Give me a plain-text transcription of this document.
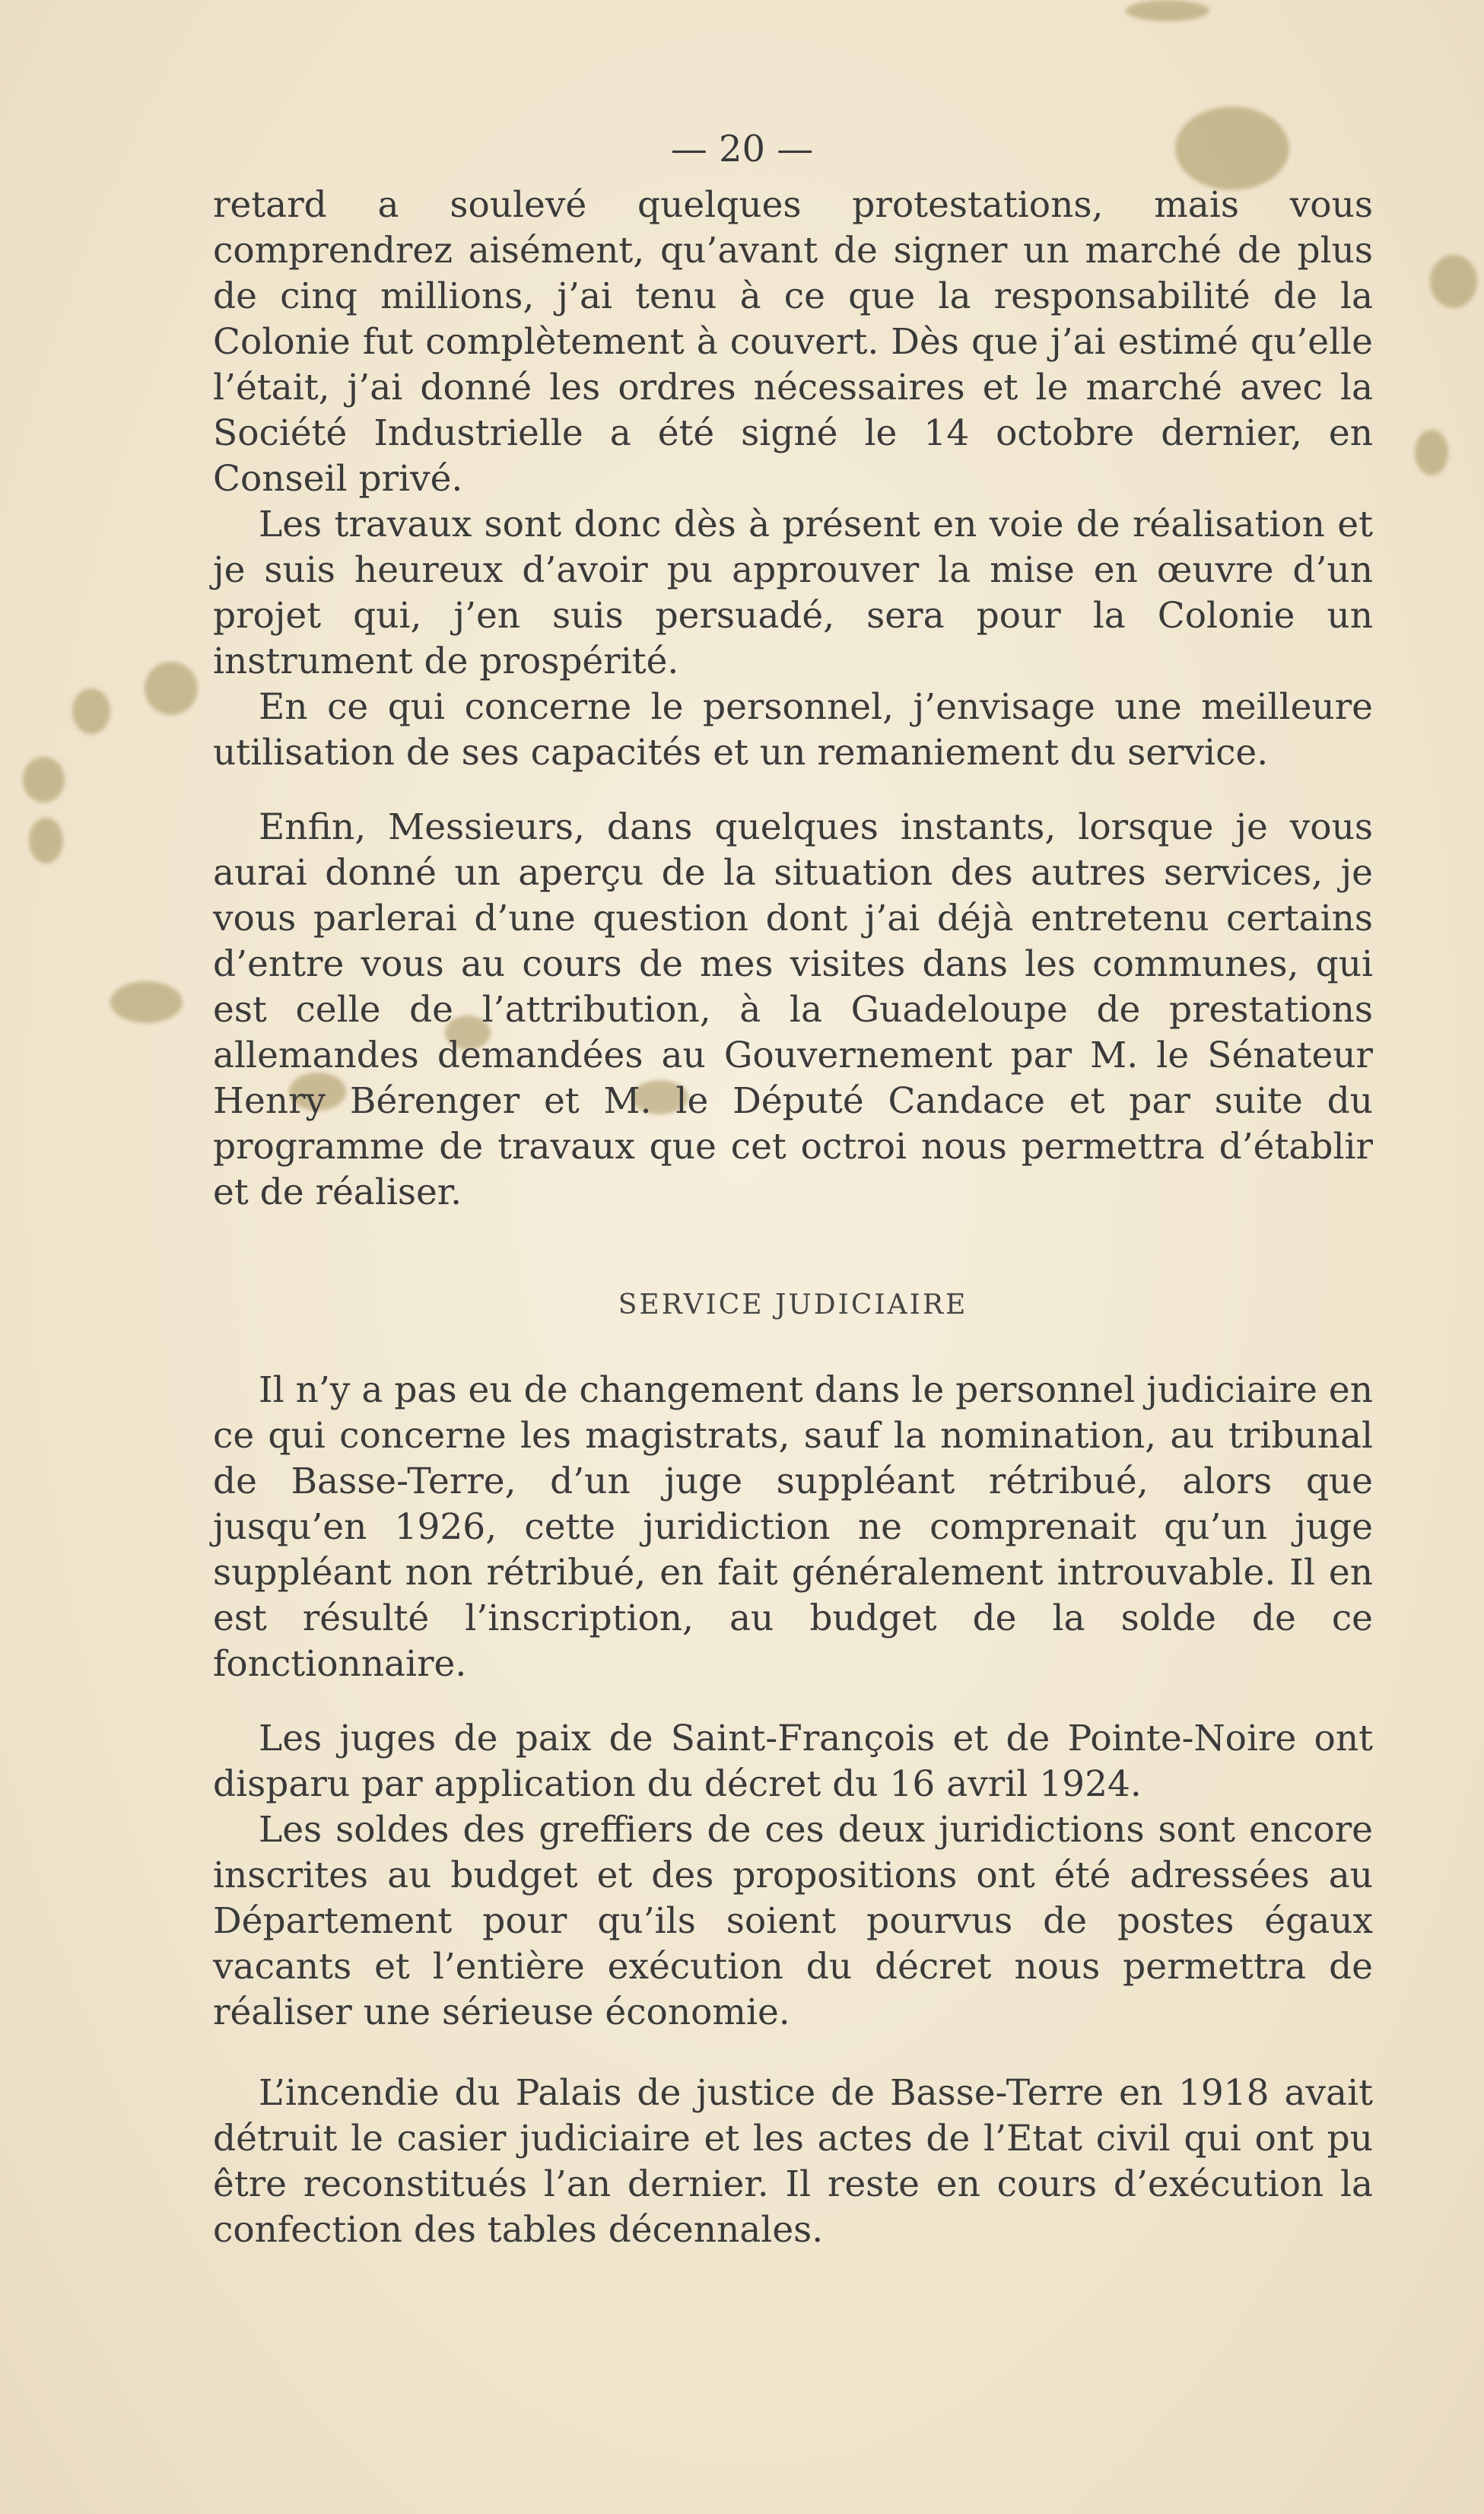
— 20 —

retard a soulevé quelques protestations, mais vous comprendrez aisément, qu’avant de signer un marché de plus de cinq millions, j’ai tenu à ce que la responsabilité de la Colonie fut complètement à couvert. Dès que j’ai estimé qu’elle l’était, j’ai donné les ordres nécessaires et le marché avec la Société Industrielle a été signé le 14 octobre dernier, en Conseil privé.

Les travaux sont donc dès à présent en voie de réalisation et je suis heureux d’avoir pu approuver la mise en œuvre d’un projet qui, j’en suis persuadé, sera pour la Colonie un instrument de prospérité.

En ce qui concerne le personnel, j’envisage une meilleure utilisation de ses capacités et un remaniement du service.

Enfin, Messieurs, dans quelques instants, lorsque je vous aurai donné un aperçu de la situation des autres services, je vous parlerai d’une question dont j’ai déjà entretenu certains d’entre vous au cours de mes visites dans les communes, qui est celle de l’attribution, à la Guadeloupe de prestations allemandes demandées au Gouvernement par M. le Sénateur Henry Bérenger et M. le Député Candace et par suite du programme de travaux que cet octroi nous permettra d’établir et de réaliser.

SERVICE JUDICIAIRE

Il n’y a pas eu de changement dans le personnel judiciaire en ce qui concerne les magistrats, sauf la nomination, au tribunal de Basse-Terre, d’un juge suppléant rétribué, alors que jusqu’en 1926, cette juridiction ne comprenait qu’un juge suppléant non rétribué, en fait généralement introuvable. Il en est résulté l’inscription, au budget de la solde de ce fonctionnaire.

Les juges de paix de Saint-François et de Pointe-Noire ont disparu par application du décret du 16 avril 1924.

Les soldes des greffiers de ces deux juridictions sont encore inscrites au budget et des propositions ont été adressées au Département pour qu’ils soient pourvus de postes égaux vacants et l’entière exécution du décret nous permettra de réaliser une sérieuse économie.

L’incendie du Palais de justice de Basse-Terre en 1918 avait détruit le casier judiciaire et les actes de l’Etat civil qui ont pu être reconstitués l’an dernier. Il reste en cours d’exécution la confection des tables décennales.
